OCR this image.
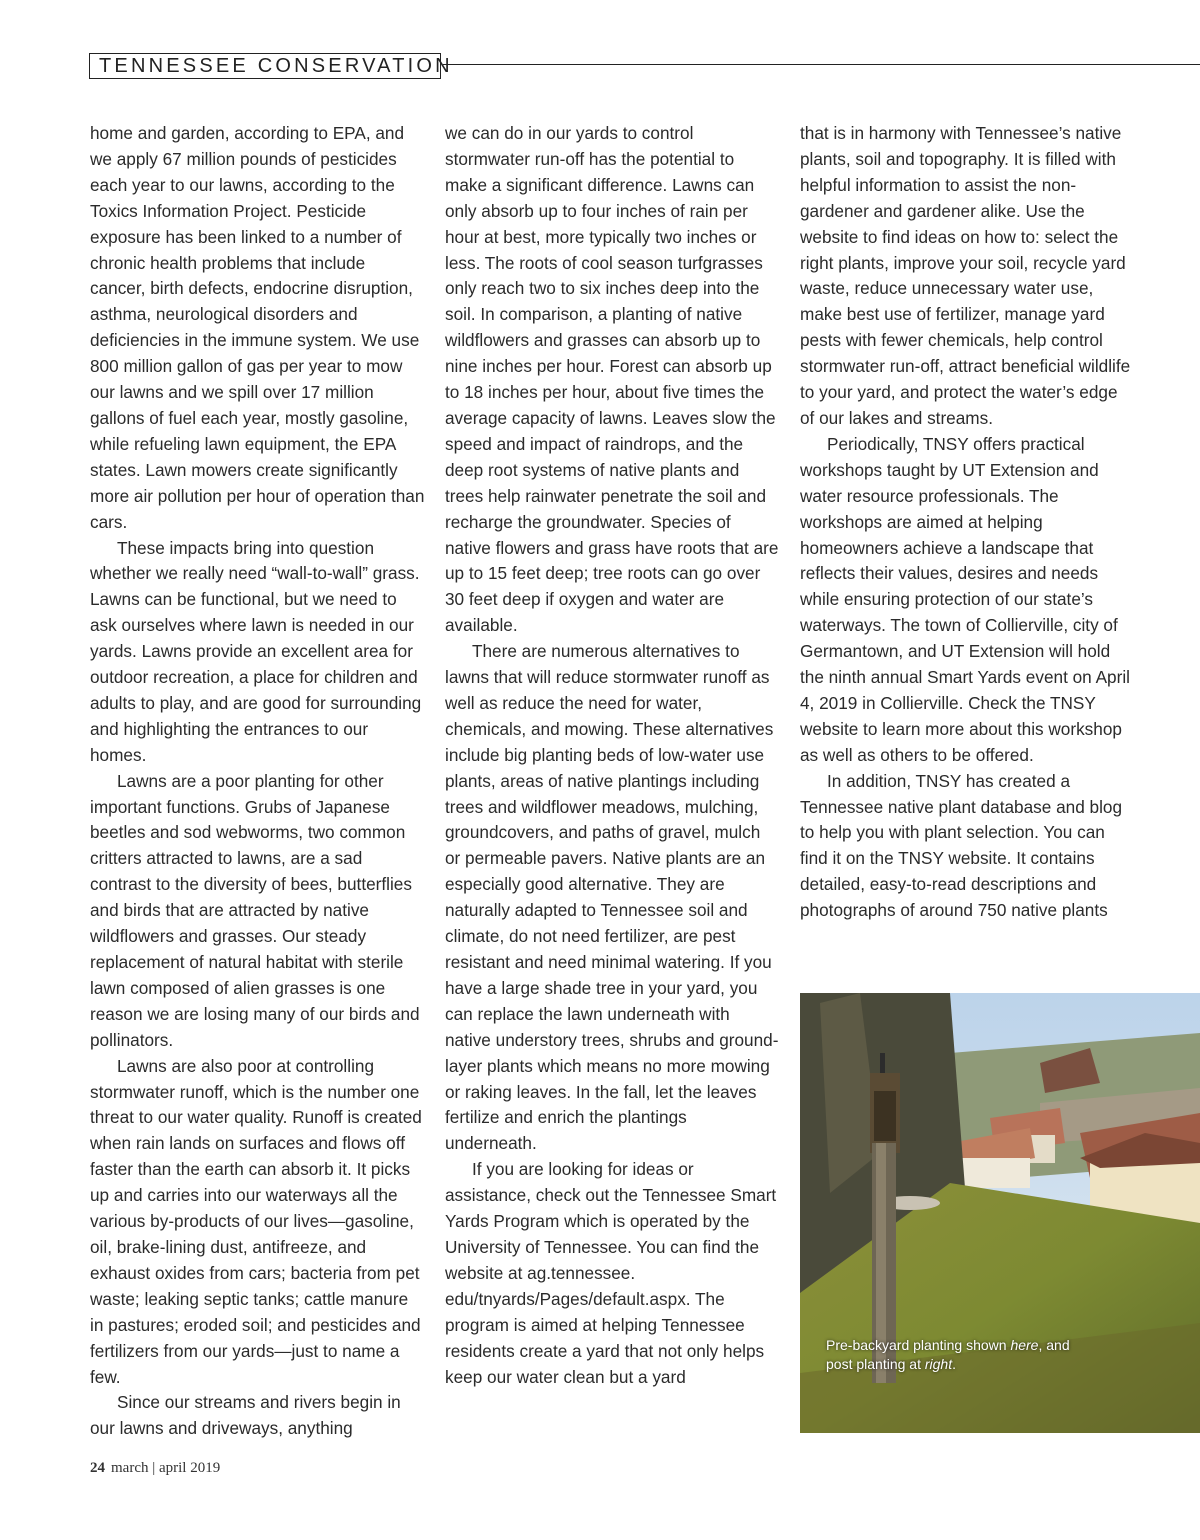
TENNESSEE CONSERVATION

home and garden, according to EPA, and we apply 67 million pounds of pesticides each year to our lawns, according to the Toxics Information Project. Pesticide exposure has been linked to a number of chronic health problems that include cancer, birth defects, endocrine disruption, asthma, neurological disorders and deficiencies in the immune system. We use 800 million gallon of gas per year to mow our lawns and we spill over 17 million gallons of fuel each year, mostly gasoline, while refueling lawn equipment, the EPA states. Lawn mowers create significantly more air pollution per hour of operation than cars.

These impacts bring into question whether we really need “wall-to-wall” grass. Lawns can be functional, but we need to ask ourselves where lawn is needed in our yards. Lawns provide an excellent area for outdoor recreation, a place for children and adults to play, and are good for surrounding and highlighting the entrances to our homes.

Lawns are a poor planting for other important functions. Grubs of Japanese beetles and sod webworms, two common critters attracted to lawns, are a sad contrast to the diversity of bees, butterflies and birds that are attracted by native wildflowers and grasses. Our steady replacement of natural habitat with sterile lawn composed of alien grasses is one reason we are losing many of our birds and pollinators.

Lawns are also poor at controlling stormwater runoff, which is the number one threat to our water quality. Runoff is created when rain lands on surfaces and flows off faster than the earth can absorb it. It picks up and carries into our waterways all the various by-products of our lives—gasoline, oil, brake-lining dust, antifreeze, and exhaust oxides from cars; bacteria from pet waste; leaking septic tanks; cattle manure in pastures; eroded soil; and pesticides and fertilizers from our yards—just to name a few.

Since our streams and rivers begin in our lawns and driveways, anything

we can do in our yards to control stormwater run-off has the potential to make a significant difference. Lawns can only absorb up to four inches of rain per hour at best, more typically two inches or less. The roots of cool season turfgrasses only reach two to six inches deep into the soil. In comparison, a planting of native wildflowers and grasses can absorb up to nine inches per hour. Forest can absorb up to 18 inches per hour, about five times the average capacity of lawns. Leaves slow the speed and impact of raindrops, and the deep root systems of native plants and trees help rainwater penetrate the soil and recharge the groundwater. Species of native flowers and grass have roots that are up to 15 feet deep; tree roots can go over 30 feet deep if oxygen and water are available.

There are numerous alternatives to lawns that will reduce stormwater runoff as well as reduce the need for water, chemicals, and mowing. These alternatives include big planting beds of low-water use plants, areas of native plantings including trees and wildflower meadows, mulching, groundcovers, and paths of gravel, mulch or permeable pavers. Native plants are an especially good alternative. They are naturally adapted to Tennessee soil and climate, do not need fertilizer, are pest resistant and need minimal watering. If you have a large shade tree in your yard, you can replace the lawn underneath with native understory trees, shrubs and ground-layer plants which means no more mowing or raking leaves. In the fall, let the leaves fertilize and enrich the plantings underneath.

If you are looking for ideas or assistance, check out the Tennessee Smart Yards Program which is operated by the University of Tennessee. You can find the website at ag.tennessee. edu/tnyards/Pages/default.aspx. The program is aimed at helping Tennessee residents create a yard that not only helps keep our water clean but a yard

that is in harmony with Tennessee’s native plants, soil and topography. It is filled with helpful information to assist the non-gardener and gardener alike. Use the website to find ideas on how to: select the right plants, improve your soil, recycle yard waste, reduce unnecessary water use, make best use of fertilizer, manage yard pests with fewer chemicals, help control stormwater run-off, attract beneficial wildlife to your yard, and protect the water’s edge of our lakes and streams.

Periodically, TNSY offers practical workshops taught by UT Extension and water resource professionals. The workshops are aimed at helping homeowners achieve a landscape that reflects their values, desires and needs while ensuring protection of our state’s waterways. The town of Collierville, city of Germantown, and UT Extension will hold the ninth annual Smart Yards event on April 4, 2019 in Collierville. Check the TNSY website to learn more about this workshop as well as others to be offered.

In addition, TNSY has created a Tennessee native plant database and blog to help you with plant selection. You can find it on the TNSY website. It contains detailed, easy-to-read descriptions and photographs of around 750 native plants

Pre-backyard planting shown here, and post planting at right.
24 march | april 2019
